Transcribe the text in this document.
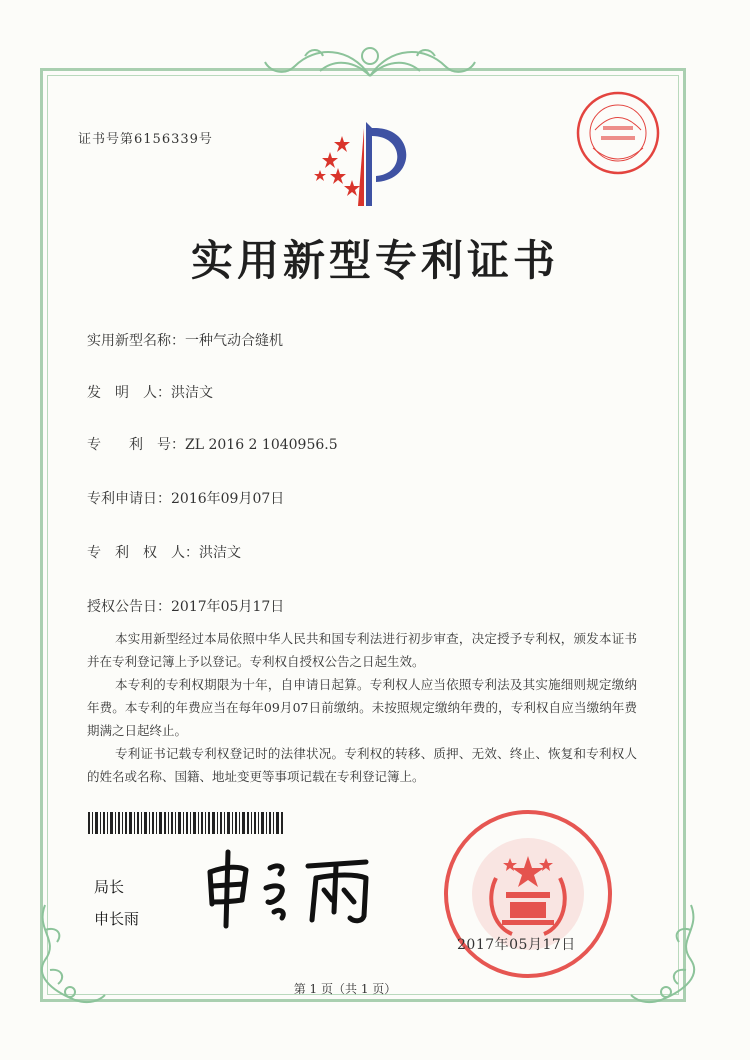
证书号第6156339号
实用新型专利证书
实用新型名称：一种气动合缝机
发　明　人：洪洁文
专　　利　号：ZL 2016 2 1040956.5
专利申请日：2016年09月07日
专　利　权　人：洪洁文
授权公告日：2017年05月17日
本实用新型经过本局依照中华人民共和国专利法进行初步审查，决定授予专利权，颁发本证书并在专利登记簿上予以登记。专利权自授权公告之日起生效。
本专利的专利权期限为十年，自申请日起算。专利权人应当依照专利法及其实施细则规定缴纳年费。本专利的年费应当在每年09月07日前缴纳。未按照规定缴纳年费的，专利权自应当缴纳年费期满之日起终止。
专利证书记载专利权登记时的法律状况。专利权的转移、质押、无效、终止、恢复和专利权人的姓名或名称、国籍、地址变更等事项记载在专利登记簿上。
局长
申长雨
2017年05月17日
第 1 页（共 1 页）
